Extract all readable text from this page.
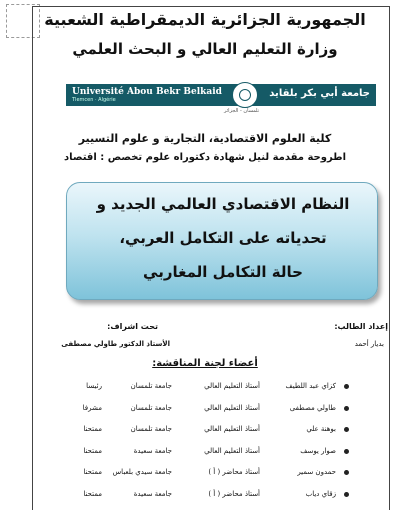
الجمهورية الجزائرية الديمقراطية الشعبية
وزارة التعليم العالي و البحث العلمي
Université Abou Bekr Belkaid
Tlemcen · Algérie
جامعة أبي بكر بلقايد
تلمسان - الجزائر
كلية العلوم الاقتصادية، التجارية و علوم التسيير
اطروحة مقدمة لنيل شهادة دكتوراه علوم تخصص : اقتصاد
النظام الاقتصادي العالمي الجديد و
تحدياته على التكامل العربي،
حالة التكامل المغاربي
إعداد الطالب:
بديار أحمد
تحت اشراف:
الأستاذ الدكتور طاولي مصطفى
أعضاء لجنة المناقشة:
كزاي عبد اللطيف
أستاذ التعليم العالي
جامعة تلمسان
رئيسا
طاولي مصطفى
أستاذ التعليم العالي
جامعة تلمسان
مشرفا
بوهنة علي
أستاذ التعليم العالي
جامعة تلمسان
ممتحنا
صوار يوسف
أستاذ التعليم العالي
جامعة سعيدة
ممتحنا
حمدون سمير
أستاذ محاضر ( أ )
جامعة سيدي بلعباس
ممتحنا
زقاي دياب
أستاذ محاضر ( أ )
جامعة سعيدة
ممتحنا
